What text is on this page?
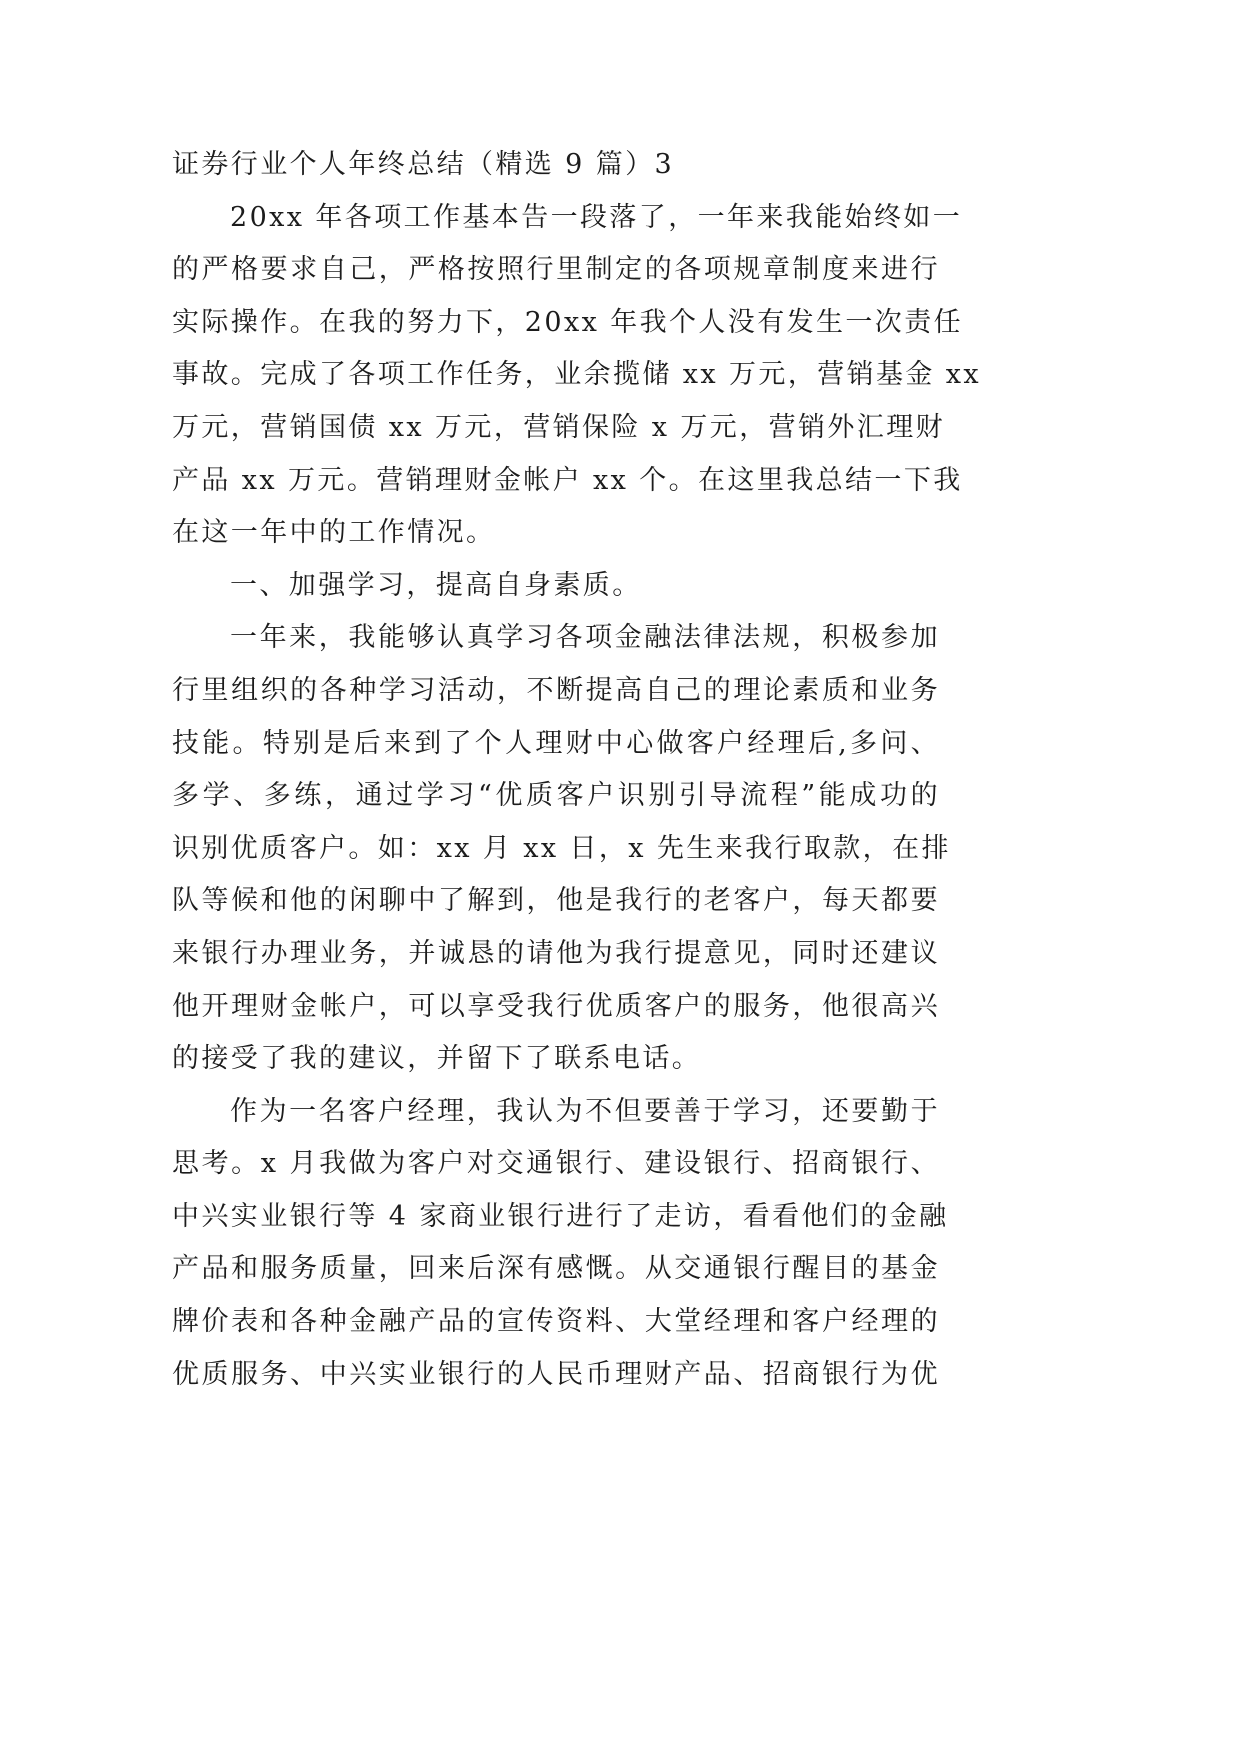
证券行业个人年终总结（精选 9 篇）3
20xx 年各项工作基本告一段落了，一年来我能始终如一
的严格要求自己，严格按照行里制定的各项规章制度来进行
实际操作。在我的努力下，20xx 年我个人没有发生一次责任
事故。完成了各项工作任务，业余揽储 xx 万元，营销基金 xx
万元，营销国债 xx 万元，营销保险 x 万元，营销外汇理财
产品 xx 万元。营销理财金帐户 xx 个。在这里我总结一下我
在这一年中的工作情况。
一、加强学习，提高自身素质。
一年来，我能够认真学习各项金融法律法规，积极参加
行里组织的各种学习活动，不断提高自己的理论素质和业务
技能。特别是后来到了个人理财中心做客户经理后,多问、
多学、多练，通过学习“优质客户识别引导流程”能成功的
识别优质客户。如：xx 月 xx 日，x 先生来我行取款，在排
队等候和他的闲聊中了解到，他是我行的老客户，每天都要
来银行办理业务，并诚恳的请他为我行提意见，同时还建议
他开理财金帐户，可以享受我行优质客户的服务，他很高兴
的接受了我的建议，并留下了联系电话。
作为一名客户经理，我认为不但要善于学习，还要勤于
思考。x 月我做为客户对交通银行、建设银行、招商银行、
中兴实业银行等 4 家商业银行进行了走访，看看他们的金融
产品和服务质量，回来后深有感慨。从交通银行醒目的基金
牌价表和各种金融产品的宣传资料、大堂经理和客户经理的
优质服务、中兴实业银行的人民币理财产品、招商银行为优
